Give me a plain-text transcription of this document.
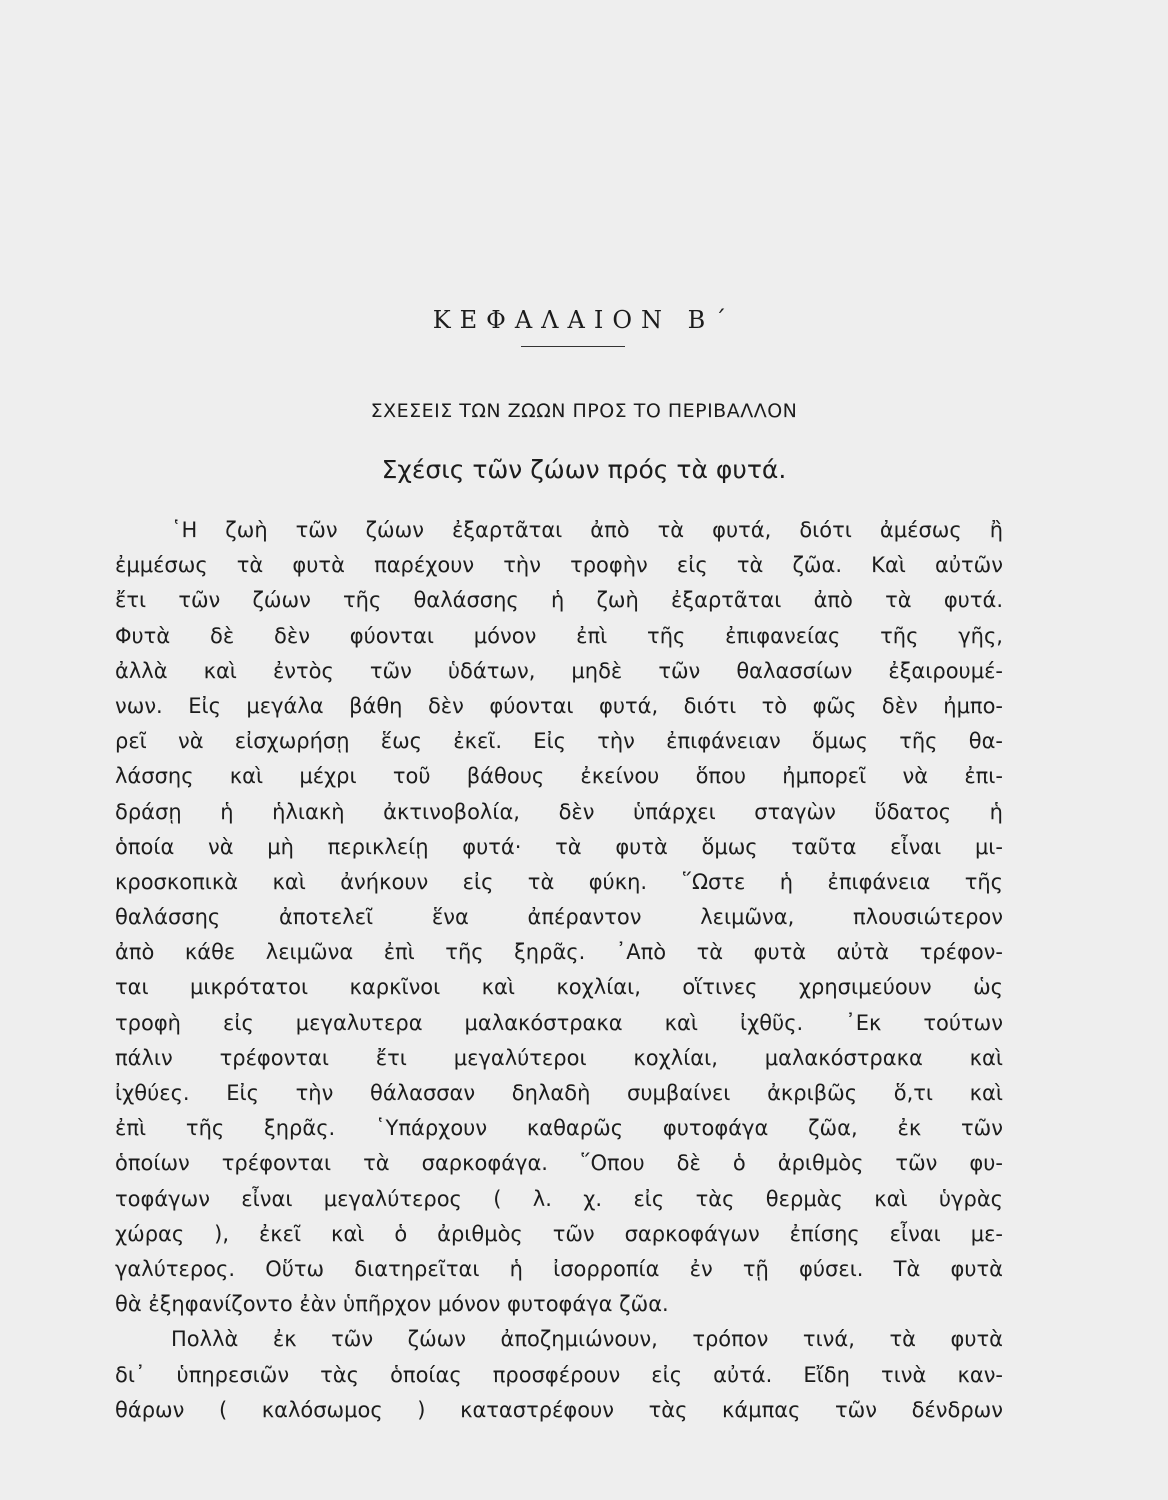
ΚΕΦΑΛΑΙΟΝ Β΄
ΣΧΕΣΕΙΣ ΤΩΝ ΖΩΩΝ ΠΡΟΣ ΤΟ ΠΕΡΙΒΑΛΛΟΝ
Σχέσις τῶν ζώων πρός τὰ φυτά.
῾Η ζωὴ τῶν ζώων ἐξαρτᾶται ἀπὸ τὰ φυτά, διότι ἀμέσως ἢ
ἐμμέσως τὰ φυτὰ παρέχουν τὴν τροφὴν εἰς τὰ ζῶα. Καὶ αὐτῶν
ἔτι τῶν ζώων τῆς θαλάσσης ἡ ζωὴ ἐξαρτᾶται ἀπὸ τὰ φυτά.
Φυτὰ δὲ δὲν φύονται μόνον ἐπὶ τῆς ἐπιφανείας τῆς γῆς,
ἀλλὰ καὶ ἐντὸς τῶν ὑδάτων, μηδὲ τῶν θαλασσίων ἐξαιρουμέ-
νων. Εἰς μεγάλα βάθη δὲν φύονται φυτά, διότι τὸ φῶς δὲν ἠμπο-
ρεῖ νὰ εἰσχωρήσῃ ἕως ἐκεῖ. Εἰς τὴν ἐπιφάνειαν ὅμως τῆς θα-
λάσσης καὶ μέχρι τοῦ βάθους ἐκείνου ὅπου ἠμπορεῖ νὰ ἐπι-
δράσῃ ἡ ἡλιακὴ ἀκτινοβολία, δὲν ὑπάρχει σταγὼν ὕδατος ἡ
ὁποία νὰ μὴ περικλείῃ φυτά· τὰ φυτὰ ὅμως ταῦτα εἶναι μι-
κροσκοπικὰ καὶ ἀνήκουν εἰς τὰ φύκη. ῞Ωστε ἡ ἐπιφάνεια τῆς
θαλάσσης ἀποτελεῖ ἕνα ἀπέραντον λειμῶνα, πλουσιώτερον
ἀπὸ κάθε λειμῶνα ἐπὶ τῆς ξηρᾶς. ᾽Απὸ τὰ φυτὰ αὐτὰ τρέφον-
ται μικρότατοι καρκῖνοι καὶ κοχλίαι, οἵτινες χρησιμεύουν ὡς
τροφὴ εἰς μεγαλυτερα μαλακόστρακα καὶ ἰχθῦς. ᾽Εκ τούτων
πάλιν τρέφονται ἔτι μεγαλύτεροι κοχλίαι, μαλακόστρακα καὶ
ἰχθύες. Εἰς τὴν θάλασσαν δηλαδὴ συμβαίνει ἀκριβῶς ὅ,τι καὶ
ἐπὶ τῆς ξηρᾶς. ῾Υπάρχουν καθαρῶς φυτοφάγα ζῶα, ἐκ τῶν
ὁποίων τρέφονται τὰ σαρκοφάγα. ῞Οπου δὲ ὁ ἀριθμὸς τῶν φυ-
τοφάγων εἶναι μεγαλύτερος ( λ. χ. εἰς τὰς θερμὰς καὶ ὑγρὰς
χώρας ), ἐκεῖ καὶ ὁ ἀριθμὸς τῶν σαρκοφάγων ἐπίσης εἶναι με-
γαλύτερος. Οὕτω διατηρεῖται ἡ ἰσορροπία ἐν τῇ φύσει. Τὰ φυτὰ
θὰ ἐξηφανίζοντο ἐὰν ὑπῆρχον μόνον φυτοφάγα ζῶα.
Πολλὰ ἐκ τῶν ζώων ἀποζημιώνουν, τρόπον τινά, τὰ φυτὰ
δι᾽ ὑπηρεσιῶν τὰς ὁποίας προσφέρουν εἰς αὐτά. Εἴδη τινὰ καν-
θάρων ( καλόσωμος ) καταστρέφουν τὰς κάμπας τῶν δένδρων
